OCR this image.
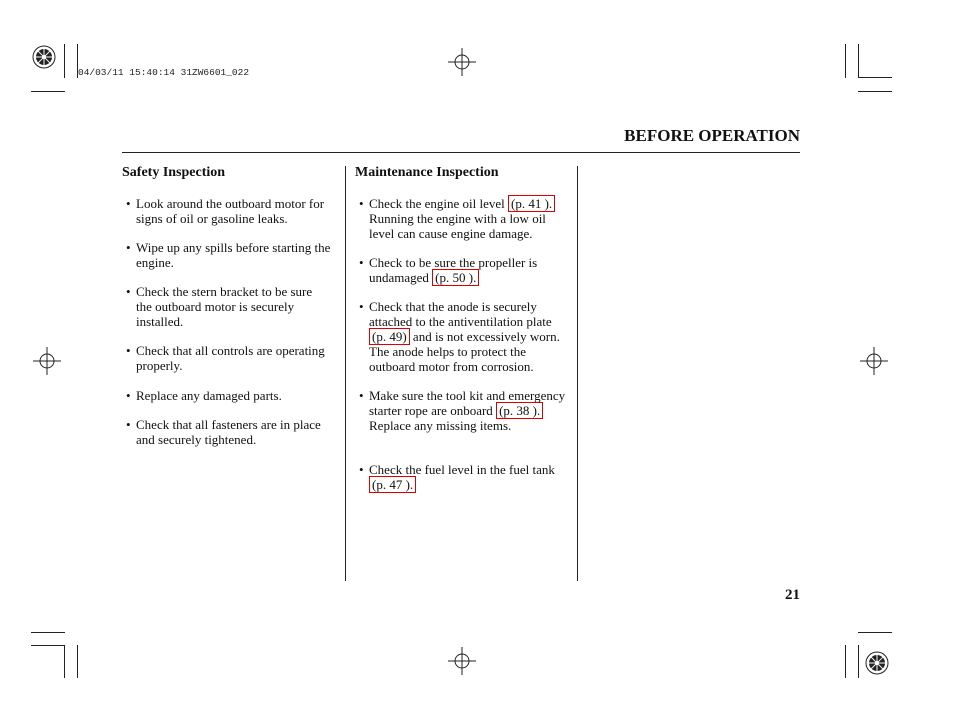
04/03/11 15:40:14 31ZW6601_022
BEFORE OPERATION
Safety Inspection
• Look around the outboard motor for signs of oil or gasoline leaks.
• Wipe up any spills before starting the engine.
• Check the stern bracket to be sure the outboard motor is securely installed.
• Check that all controls are operating properly.
• Replace any damaged parts.
• Check that all fasteners are in place and securely tightened.
Maintenance Inspection
• Check the engine oil level (p. 41 ). Running the engine with a low oil level can cause engine damage.
• Check to be sure the propeller is undamaged (p. 50 ).
• Check that the anode is securely attached to the antiventilation plate (p. 49) and is not excessively worn. The anode helps to protect the outboard motor from corrosion.
• Make sure the tool kit and emergency starter rope are onboard (p. 38 ). Replace any missing items.
• Check the fuel level in the fuel tank (p. 47 ).
21
